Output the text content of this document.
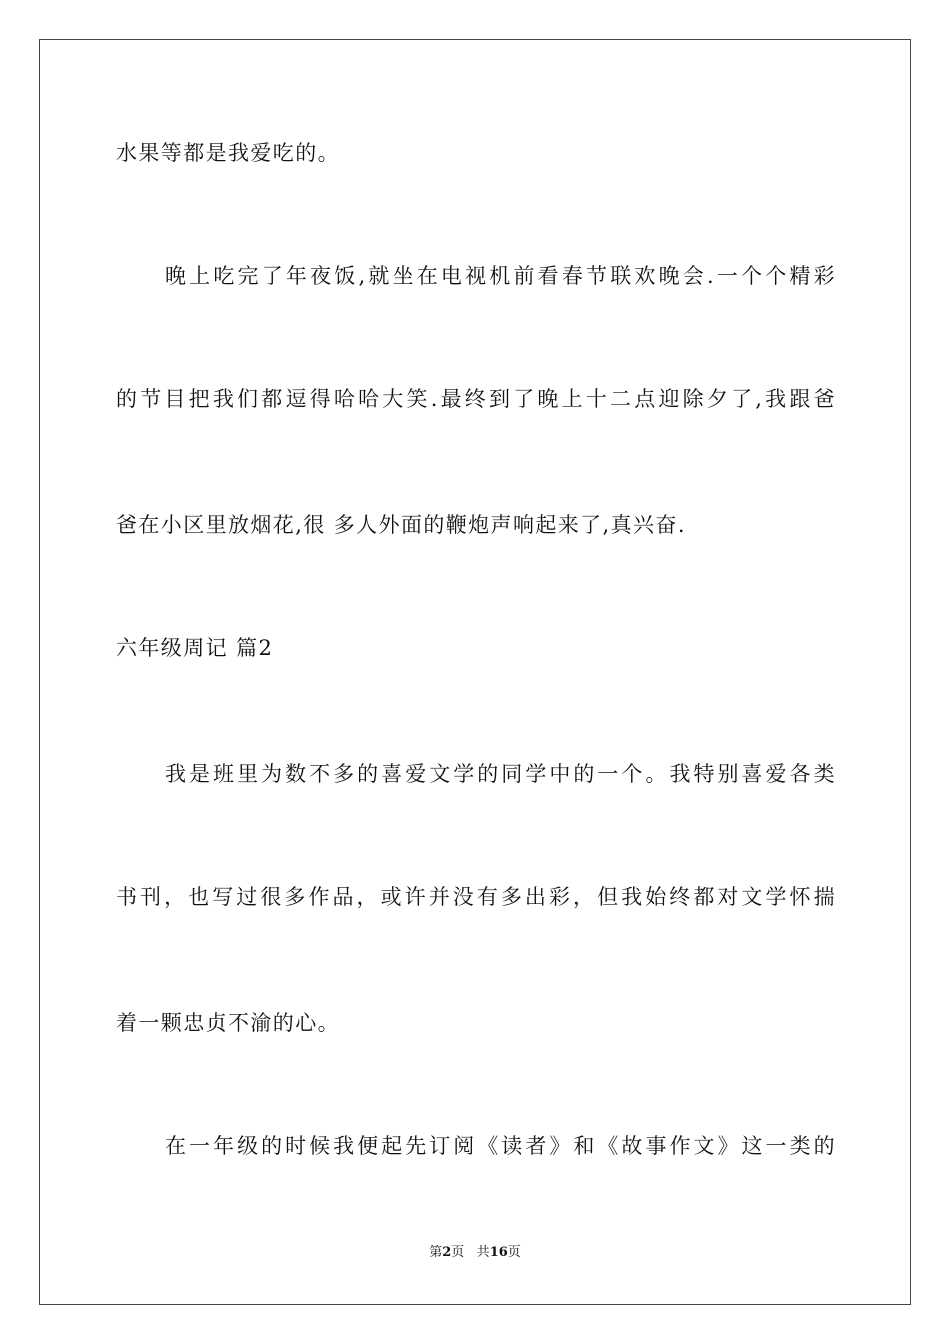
水果等都是我爱吃的。
晚上吃完了年夜饭,就坐在电视机前看春节联欢晚会.一个个精彩
的节目把我们都逗得哈哈大笑.最终到了晚上十二点迎除夕了,我跟爸
爸在小区里放烟花,很 多人外面的鞭炮声响起来了,真兴奋.
六年级周记 篇2
我是班里为数不多的喜爱文学的同学中的一个。我特别喜爱各类
书刊，也写过很多作品，或许并没有多出彩，但我始终都对文学怀揣
着一颗忠贞不渝的心。
在一年级的时候我便起先订阅《读者》和《故事作文》这一类的
第2页 共16页
